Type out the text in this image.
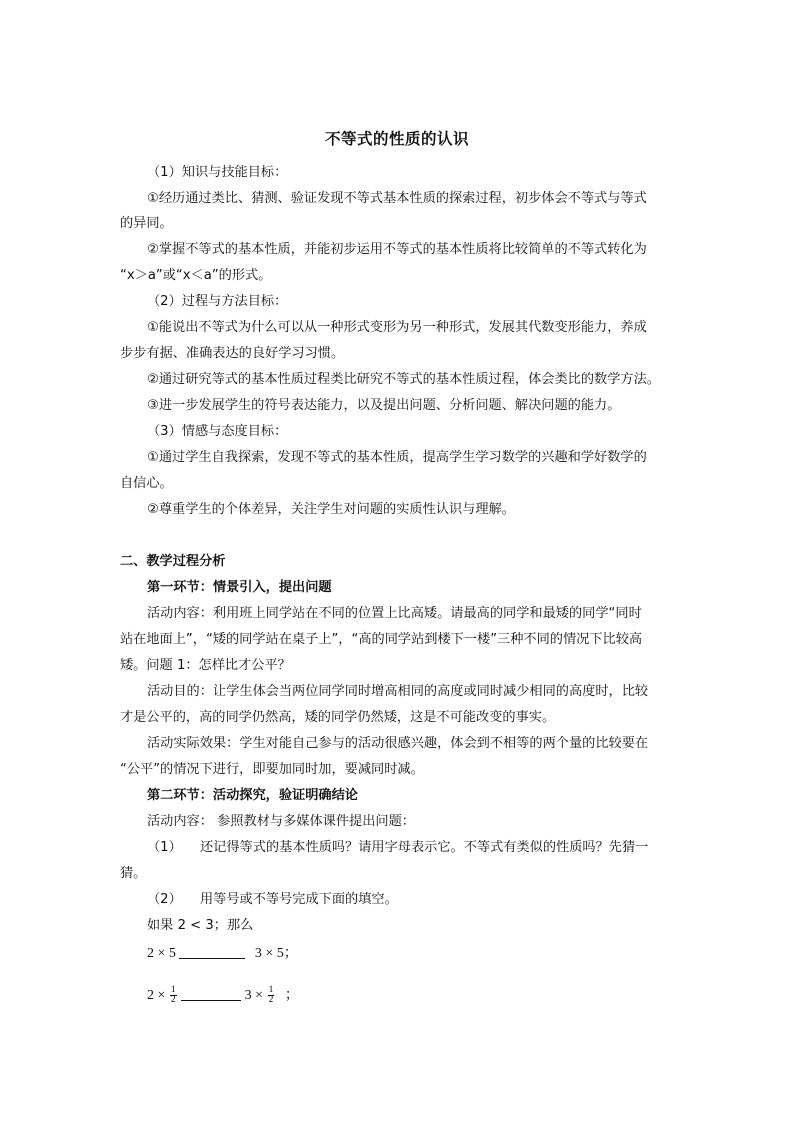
不等式的性质的认识
（1）知识与技能目标：
①经历通过类比、猜测、验证发现不等式基本性质的探索过程，初步体会不等式与等式
的异同。
②掌握不等式的基本性质，并能初步运用不等式的基本性质将比较简单的不等式转化为
“x＞a”或“x＜a”的形式。
（2）过程与方法目标：
①能说出不等式为什么可以从一种形式变形为另一种形式，发展其代数变形能力，养成
步步有据、准确表达的良好学习习惯。
②通过研究等式的基本性质过程类比研究不等式的基本性质过程，体会类比的数学方法。
③进一步发展学生的符号表达能力，以及提出问题、分析问题、解决问题的能力。
（3）情感与态度目标：
①通过学生自我探索，发现不等式的基本性质，提高学生学习数学的兴趣和学好数学的
自信心。
②尊重学生的个体差异，关注学生对问题的实质性认识与理解。
二、教学过程分析
第一环节：情景引入，提出问题
活动内容：利用班上同学站在不同的位置上比高矮。请最高的同学和最矮的同学“同时
站在地面上”，“矮的同学站在桌子上”，“高的同学站到楼下一楼”三种不同的情况下比较高
矮。问题 1：怎样比才公平？
活动目的：让学生体会当两位同学同时增高相同的高度或同时减少相同的高度时，比较
才是公平的，高的同学仍然高，矮的同学仍然矮，这是不可能改变的事实。
活动实际效果：学生对能自己参与的活动很感兴趣，体会到不相等的两个量的比较要在
“公平”的情况下进行，即要加同时加，要减同时减。
第二环节：活动探究，验证明确结论
活动内容： 参照教材与多媒体课件提出问题：
（1） 还记得等式的基本性质吗？请用字母表示它。不等式有类似的性质吗？先猜一
猜。
（2） 用等号或不等号完成下面的填空。
如果 2 < 3；那么
2 × 5	3 × 5；
$2 \times \frac{1}{2}$	$3 \times \frac{1}{2}$ ；
